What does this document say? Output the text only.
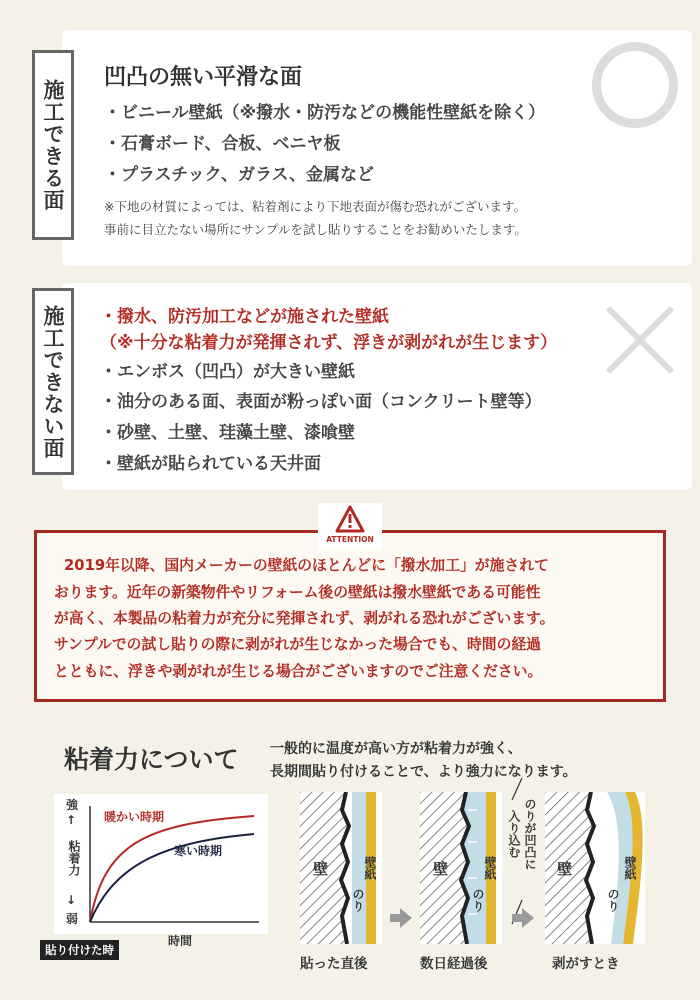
施工できる面
凹凸の無い平滑な面
・ビニール壁紙（※撥水・防汚などの機能性壁紙を除く）
・石膏ボード、合板、ベニヤ板
・プラスチック、ガラス、金属など
※下地の材質によっては、粘着剤により下地表面が傷む恐れがございます。
事前に目立たない場所にサンプルを試し貼りすることをお勧めいたします。
施工できない面	・撥水、防汚加工などが施された壁紙
（※十分な粘着力が発揮されず、浮きが剥がれが生じます）
・エンボス（凹凸）が大きい壁紙
・油分のある面、表面が粉っぽい面（コンクリート壁等）
・砂壁、土壁、珪藻土壁、漆喰壁
・壁紙が貼られている天井面
ATTENTION
2019年以降、国内メーカーの壁紙のほとんどに「撥水加工」が施されて
おります。近年の新築物件やリフォーム後の壁紙は撥水壁紙である可能性
が高く、本製品の粘着力が充分に発揮されず、剥がれる恐れがございます。
サンプルでの試し貼りの際に剥がれが生じなかった場合でも、時間の経過
とともに、浮きや剥がれが生じる場合がございますのでご注意ください。
粘着力について 一般的に温度が高い方が粘着力が強く、
長期間貼り付けることで、より強力になります。
強
↑
粘着力
↓
弱
暖かい時期
寒い時期
時間
貼り付けた時
壁	壁紙
のり
壁	壁紙
のり
壁	壁紙
のり
のりが凹凸に
入り込む
貼った直後	数日経過後	剥がすとき
